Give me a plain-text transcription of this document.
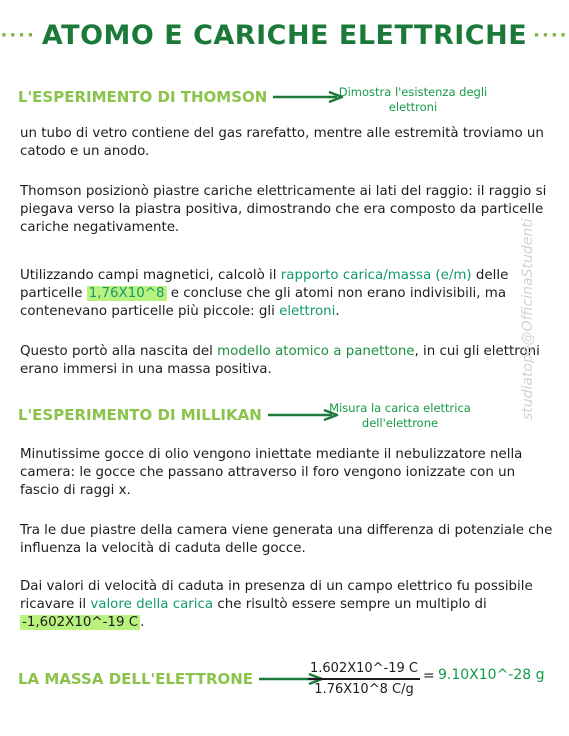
···· ATOMO E CARICHE ELETTRICHE ····
L'ESPERIMENTO DI THOMSON	Dimostra l'esistenza degli
elettroni
un tubo di vetro contiene del gas rarefatto, mentre alle estremità troviamo un catodo e un anodo.
Thomson posizionò piastre cariche elettricamente ai lati del raggio: il raggio si piegava verso la piastra positiva, dimostrando che era composto da particelle cariche negativamente.
Utilizzando campi magnetici, calcolò il rapporto carica/massa (e/m) delle particelle 1,76X10^8 e concluse che gli atomi non erano indivisibili, ma contenevano particelle più piccole: gli elettroni.
Questo portò alla nascita del modello atomico a panettone, in cui gli elettroni erano immersi in una massa positiva.
L'ESPERIMENTO DI MILLIKAN	Misura la carica elettrica
dell'elettrone
Minutissime gocce di olio vengono iniettate mediante il nebulizzatore nella camera: le gocce che passano attraverso il foro vengono ionizzate con un fascio di raggi x.
Tra le due piastre della camera viene generata una differenza di potenziale che influenza la velocità di caduta delle gocce.
Dai valori di velocità di caduta in presenza di un campo elettrico fu possibile ricavare il valore della carica che risultò essere sempre un multiplo di -1,602X10^-19 C .
LA MASSA DELL'ELETTRONE
1.602X10^-19 C
1.76X10^8 C/g
= 9.10X10^-28 g
studiatopo@OfficinaStudenti
